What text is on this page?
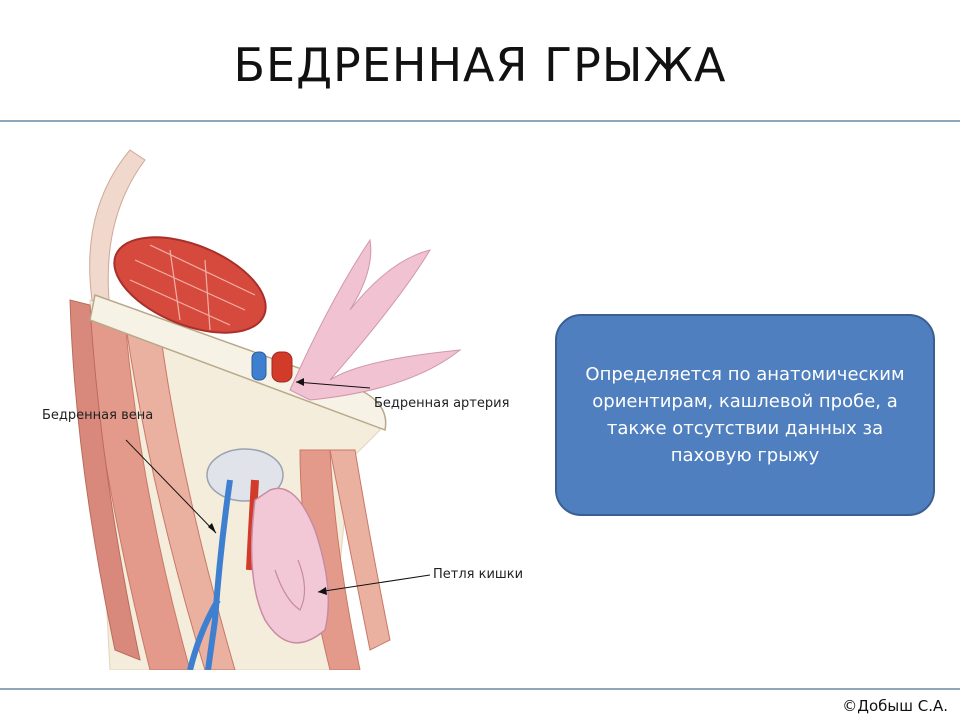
БЕДРЕННАЯ ГРЫЖА
Бедренная вена
Бедренная артерия
Петля кишки
Определяется по анатомическим ориентирам, кашлевой пробе, а также отсутствии данных за паховую грыжу
©Добыш С.А.
